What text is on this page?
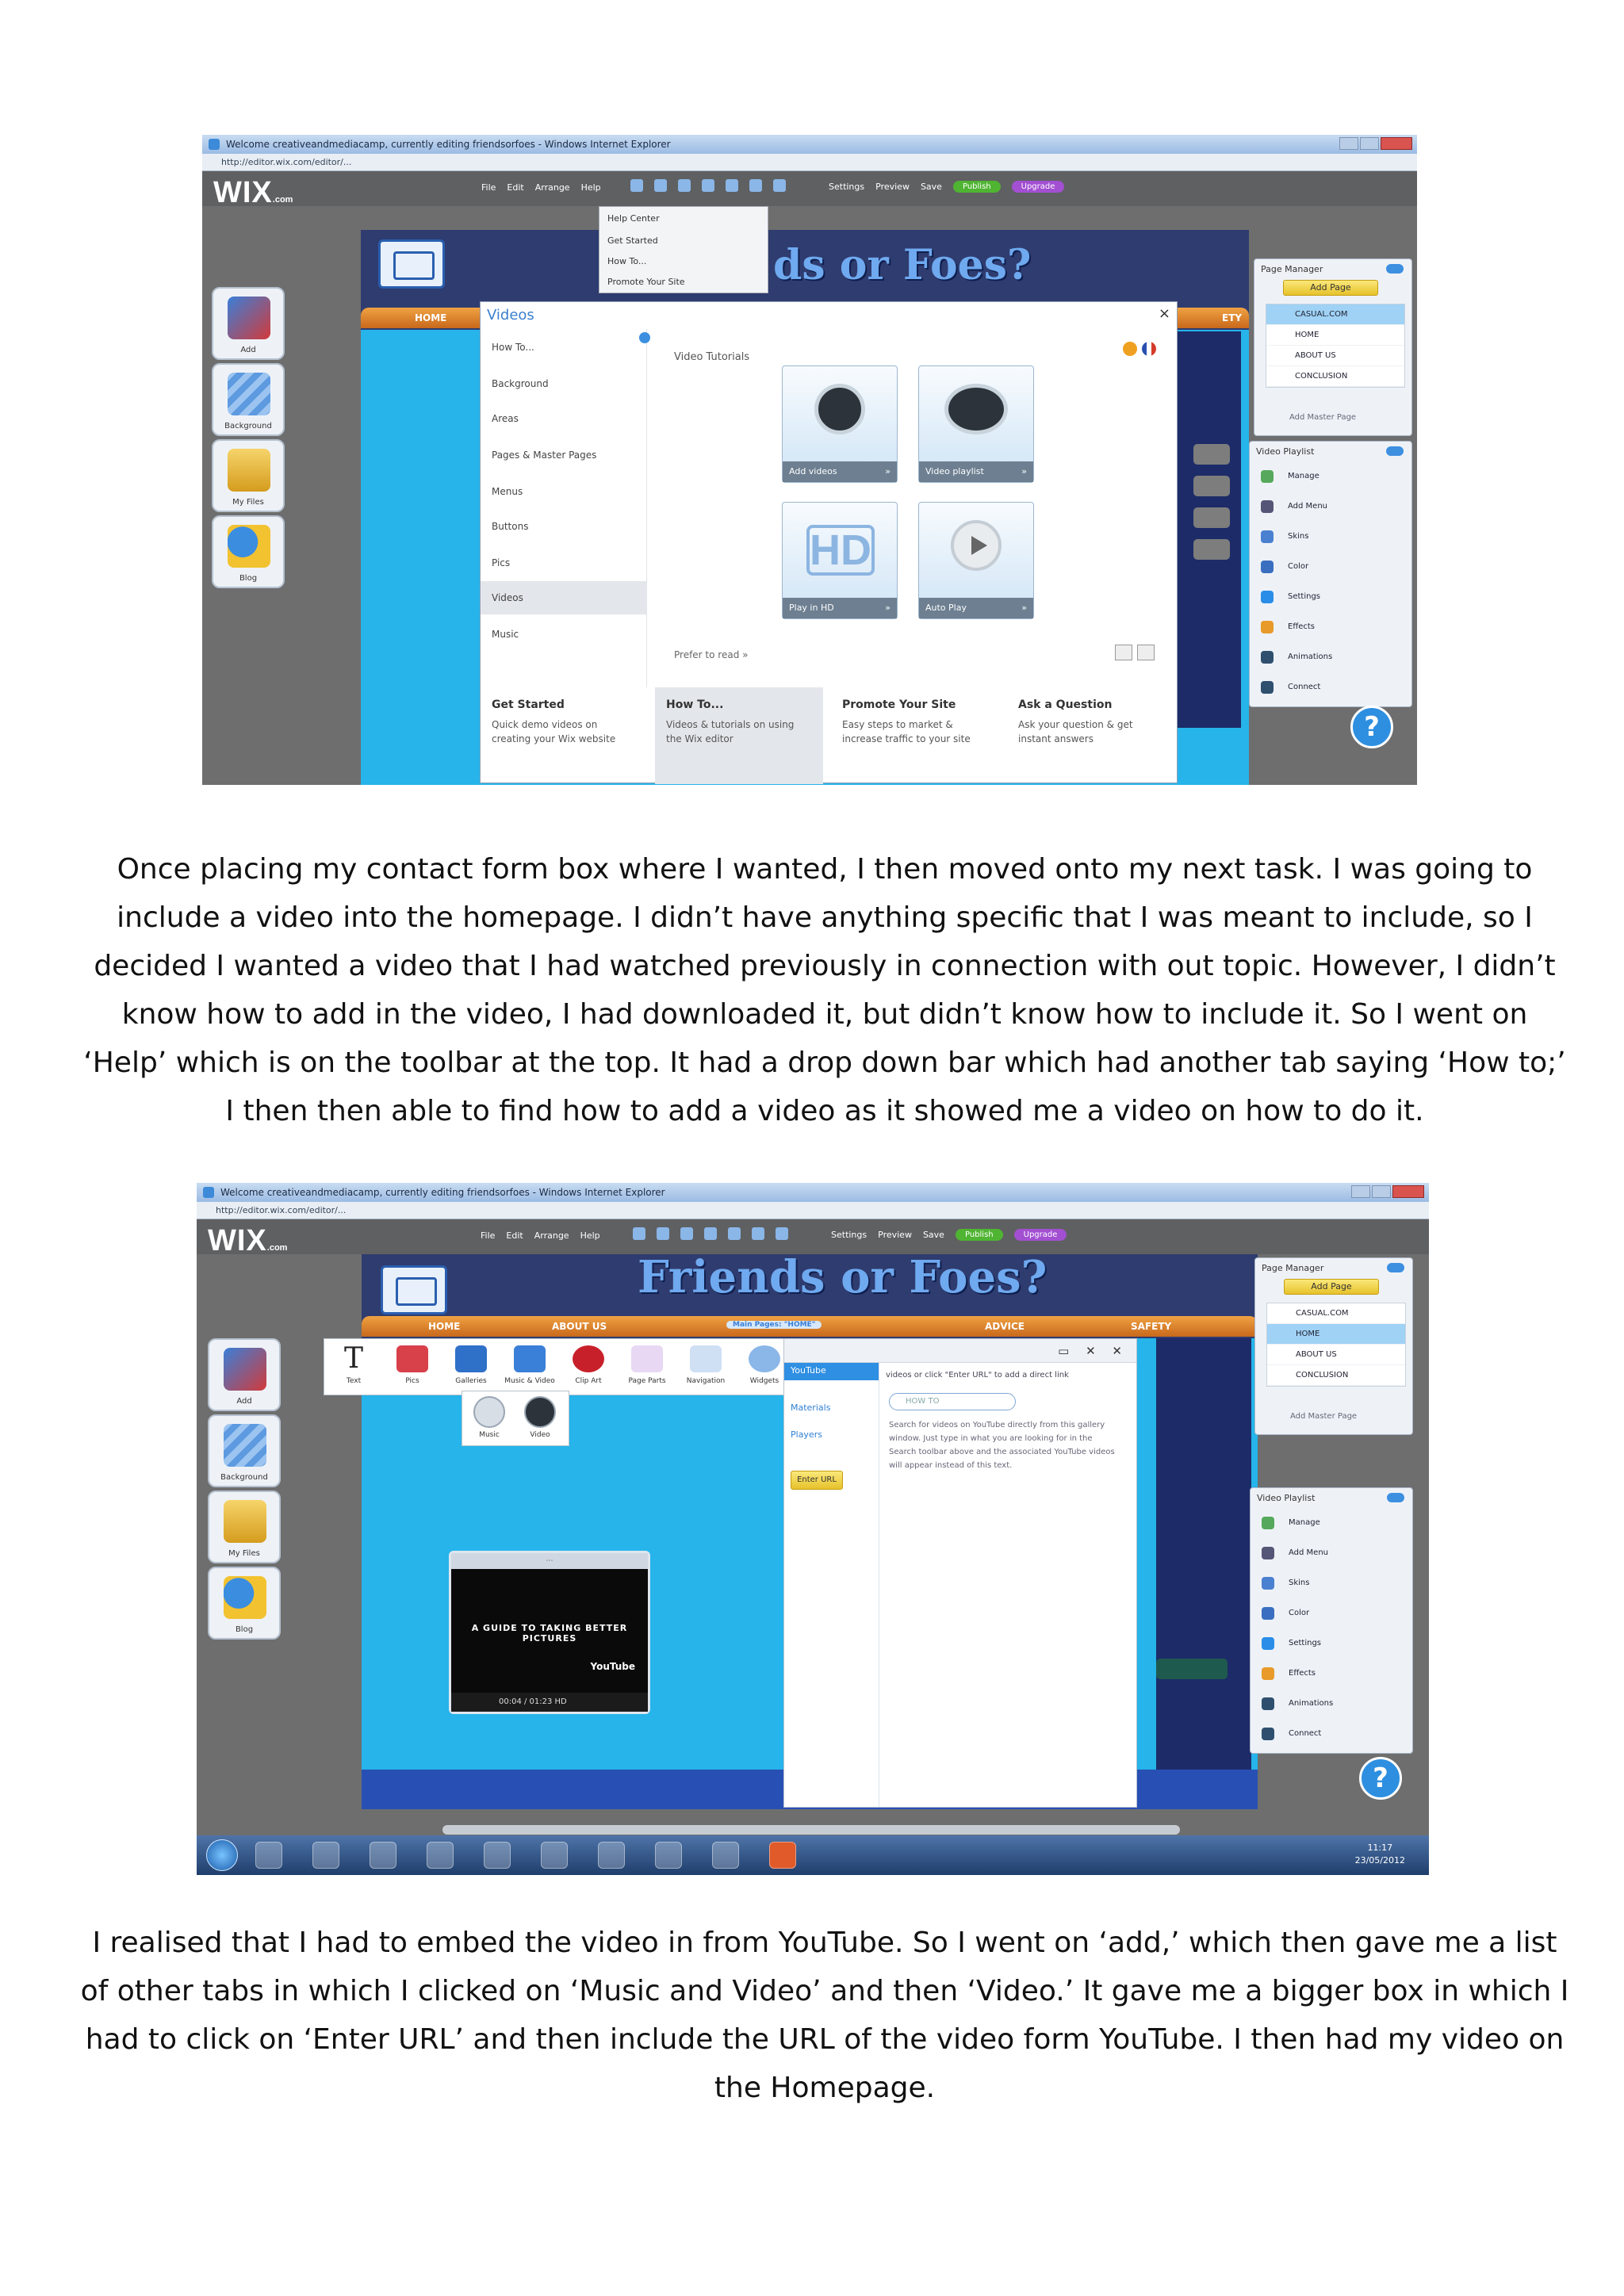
Welcome creativeandmediacamp, currently editing friendsorfoes - Windows Internet Explorer
http://editor.wix.com/editor/...
WIX.com
File Edit Arrange Help	Settings Preview Save	Publish	Upgrade
ds or Foes?
HOME	ETY
Add
Background
My Files
Blog
Page Manager
Add Page
CASUAL.COM
HOME
ABOUT US
CONCLUSION
Add Master Page
Video Playlist
Manage
Add Menu
Skins
Color
Settings
Effects
Animations
Connect
?
Help Center
Get Started
How To...
Promote Your Site
Videos	×
How To...
Background
Areas
Pages & Master Pages
Menus
Buttons
Pics
Videos
Music
Video Tutorials
Add videos	»	Video playlist	»
HD
Play in HD	»	Auto Play	»
Prefer to read »
Get Started

Quick demo videos on creating your Wix website

How To...

Videos & tutorials on using the Wix editor

Promote Your Site

Easy steps to market & increase traffic to your site

Ask a Question

Ask your question & get instant answers

Once placing my contact form box where I wanted, I then moved onto my next task. I was going to include a video into the homepage. I didn’t have anything specific that I was meant to include, so I decided I wanted a video that I had watched previously in connection with out topic. However, I didn’t know how to add in the video, I had downloaded it, but didn’t know how to include it. So I went on ‘Help’ which is on the toolbar at the top. It had a drop down bar which had another tab saying ‘How to;’ I then then able to find how to add a video as it showed me a video on how to do it.

Welcome creativeandmediacamp, currently editing friendsorfoes - Windows Internet Explorer
http://editor.wix.com/editor/...
WIX.com
File Edit Arrange Help	Settings Preview Save	Publish	Upgrade
Friends or Foes?
HOME	ABOUT US	Main Pages: "HOME"	ADVICE	SAFETY
Add
Background
My Files
Blog
T
Text	Pics	Galleries	Music & Video	Clip Art	Page Parts	Navigation	Widgets
Music	Video
▭ ✕ ✕
videos or click "Enter URL" to add a direct link
YouTube
Materials
Players
Enter URL
HOW TO
Search for videos on YouTube directly from this gallery window. Just type in what you are looking for in the Search toolbar above and the associated YouTube videos will appear instead of this text.
⋯
A GUIDE TO TAKING BETTER PICTURES
YouTube
00:04 / 01:23 HD
Page Manager
Add Page
CASUAL.COM
HOME
ABOUT US
CONCLUSION
Add Master Page
Video Playlist
Manage
Add Menu
Skins
Color
Settings
Effects
Animations
Connect
?
11:17
23/05/2012

I realised that I had to embed the video in from YouTube. So I went on ‘add,’ which then gave me a list of other tabs in which I clicked on ‘Music and Video’ and then ‘Video.’ It gave me a bigger box in which I had to click on ‘Enter URL’ and then include the URL of the video form YouTube. I then had my video on the Homepage.
